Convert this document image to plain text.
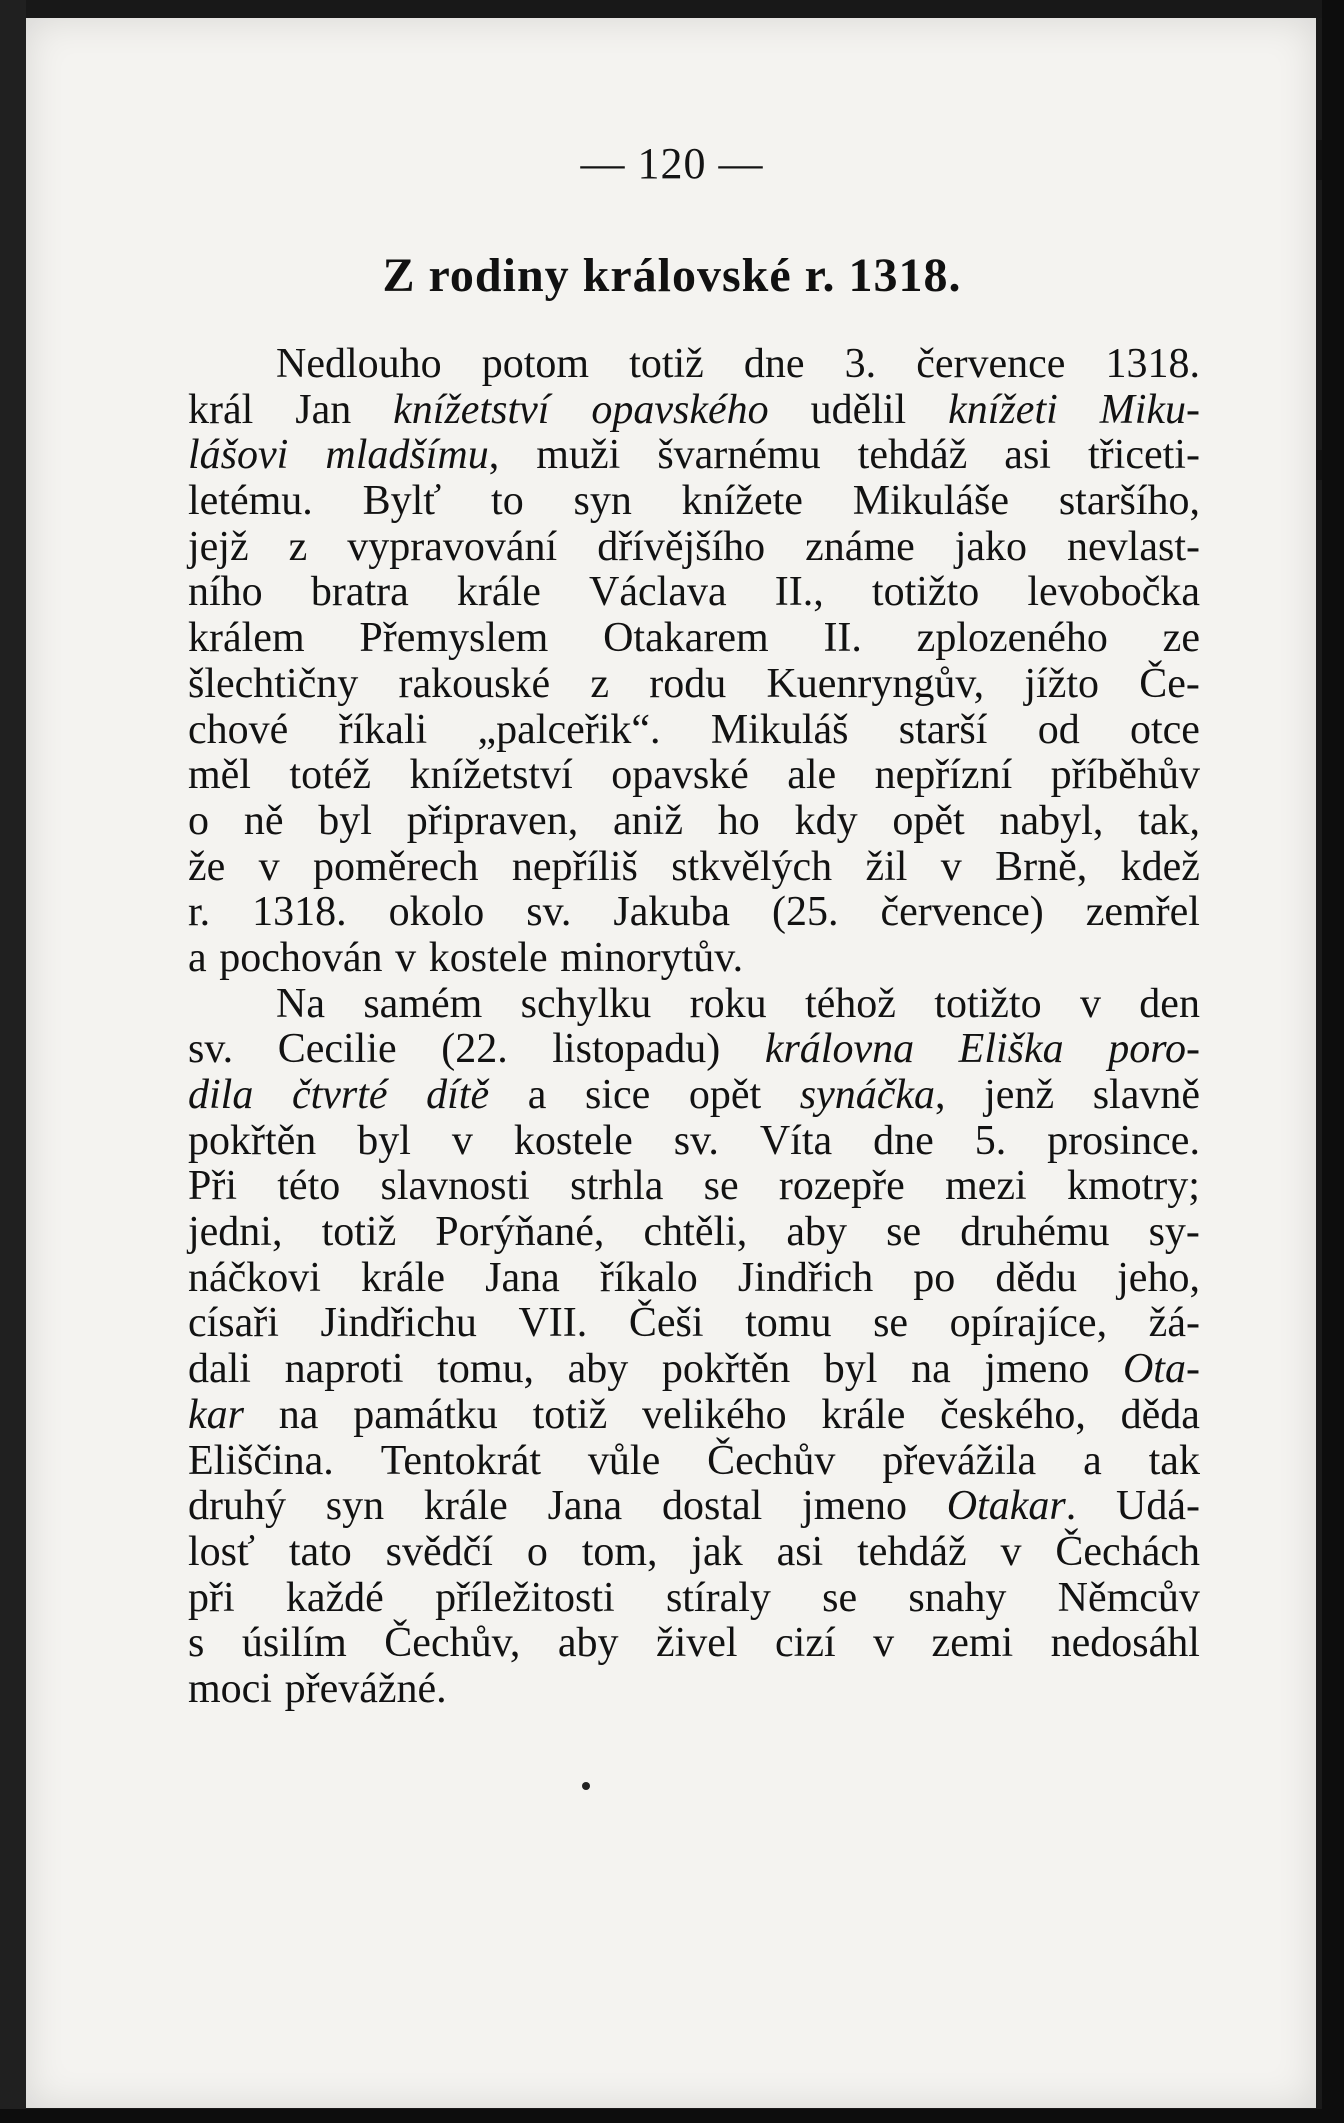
— 120 —
Z rodiny královské r. 1318.
Nedlouho potom totiž dne 3. července 1318.
král Jan knížetství opavského udělil knížeti Miku-
lášovi mladšímu, muži švarnému tehdáž asi třiceti-
letému. Bylť to syn knížete Mikuláše staršího,
jejž z vypravování dřívějšího známe jako nevlast-
ního bratra krále Václava II., totižto levobočka
králem Přemyslem Otakarem II. zplozeného ze
šlechtičny rakouské z rodu Kuenryngův, jížto Če-
chové říkali „palceřik“. Mikuláš starší od otce
měl totéž knížetství opavské ale nepřízní příběhův
o ně byl připraven, aniž ho kdy opět nabyl, tak,
že v poměrech nepříliš stkvělých žil v Brně, kdež
r. 1318. okolo sv. Jakuba (25. července) zemřel
a pochován v kostele minorytův.
Na samém schylku roku téhož totižto v den
sv. Cecilie (22. listopadu) královna Eliška poro-
dila čtvrté dítě a sice opět synáčka, jenž slavně
pokřtěn byl v kostele sv. Víta dne 5. prosince.
Při této slavnosti strhla se rozepře mezi kmotry;
jedni, totiž Porýňané, chtěli, aby se druhému sy-
náčkovi krále Jana říkalo Jindřich po dědu jeho,
císaři Jindřichu VII. Češi tomu se opírajíce, žá-
dali naproti tomu, aby pokřtěn byl na jmeno Ota-
kar na památku totiž velikého krále českého, děda
Eliščina. Tentokrát vůle Čechův převážila a tak
druhý syn krále Jana dostal jmeno Otakar. Udá-
losť tato svědčí o tom, jak asi tehdáž v Čechách
při každé příležitosti stíraly se snahy Němcův
s úsilím Čechův, aby živel cizí v zemi nedosáhl
moci převážné.
